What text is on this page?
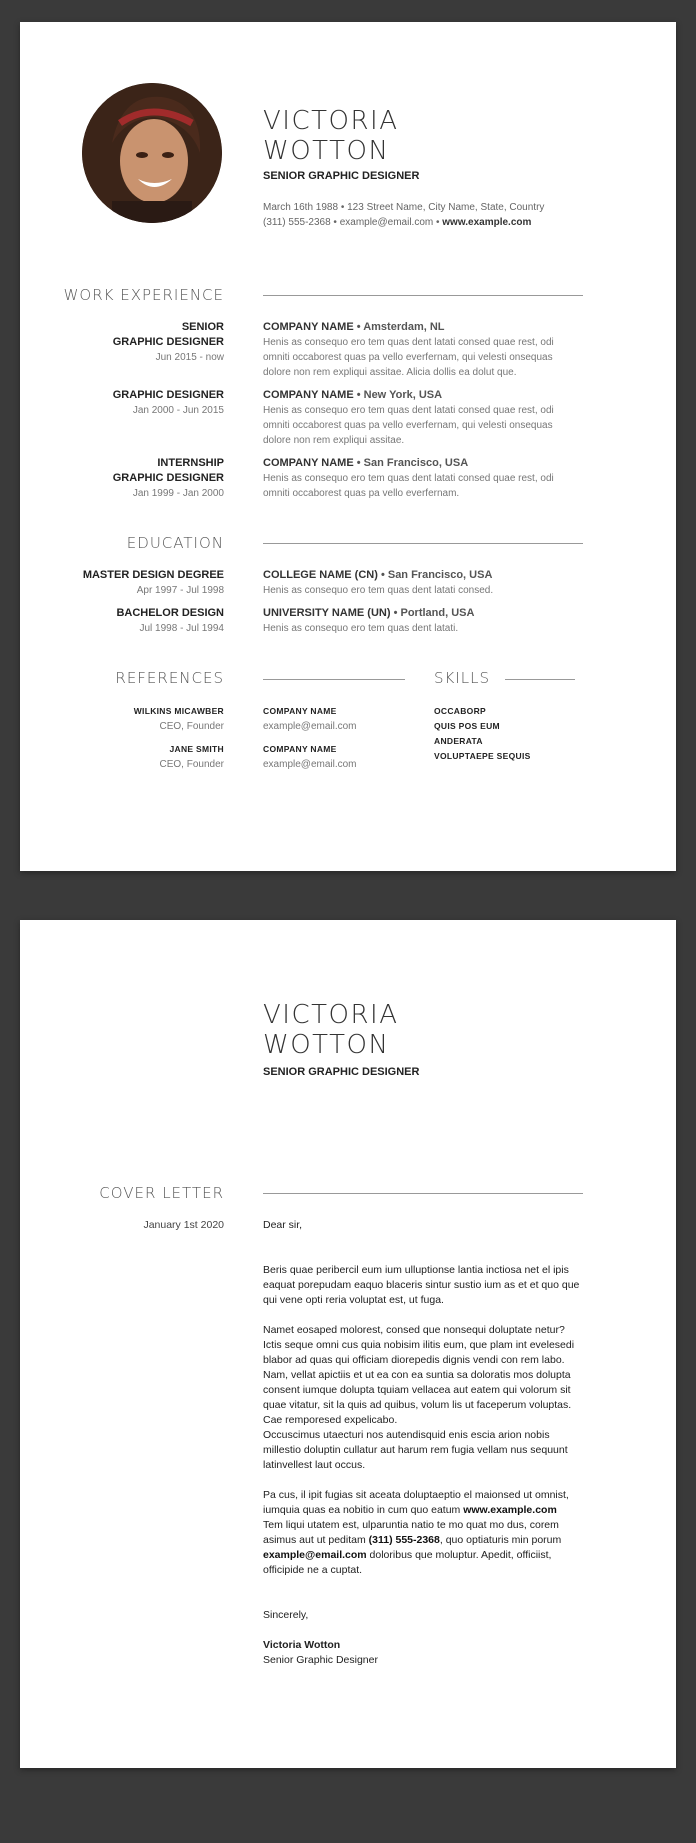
VICTORIA
WOTTON
SENIOR GRAPHIC DESIGNER
March 16th 1988 • 123 Street Name, City Name, State, Country
(311) 555-2368 • example@email.com • www.example.com
WORK EXPERIENCE
SENIOR
GRAPHIC DESIGNER
Jun 2015 - now
COMPANY NAME • Amsterdam, NL
Henis as consequo ero tem quas dent latati consed quae rest, odi omniti occaborest quas pa vello everfernam, qui velesti onsequas dolore non rem expliqui assitae. Alicia dollis ea dolut que.
GRAPHIC DESIGNER
Jan 2000 - Jun 2015
COMPANY NAME • New York, USA
Henis as consequo ero tem quas dent latati consed quae rest, odi omniti occaborest quas pa vello everfernam, qui velesti onsequas dolore non rem expliqui assitae.
INTERNSHIP
GRAPHIC DESIGNER
Jan 1999 - Jan 2000
COMPANY NAME • San Francisco, USA
Henis as consequo ero tem quas dent latati consed quae rest, odi omniti occaborest quas pa vello everfernam.
EDUCATION
MASTER DESIGN DEGREE
Apr 1997 - Jul 1998
COLLEGE NAME (CN) • San Francisco, USA
Henis as consequo ero tem quas dent latati consed.
BACHELOR DESIGN
Jul 1998 - Jul 1994
UNIVERSITY NAME (UN) • Portland, USA
Henis as consequo ero tem quas dent latati.
REFERENCES	SKILLS
WILKINS MICAWBER
CEO, Founder
COMPANY NAME
example@email.com
JANE SMITH
CEO, Founder
COMPANY NAME
example@email.com
OCCABORP
QUIS POS EUM
ANDERATA
VOLUPTAEPE SEQUIS
VICTORIA
WOTTON
SENIOR GRAPHIC DESIGNER
COVER LETTER
January 1st 2020	Dear sir,
Beris quae peribercil eum ium ulluptionse lantia inctiosa net el ipis eaquat porepudam eaquo blaceris sintur sustio ium as et et quo que qui vene opti reria voluptat est, ut fuga.
Namet eosaped molorest, consed que nonsequi doluptate netur? Ictis seque omni cus quia nobisim ilitis eum, que plam int evelesedi blabor ad quas qui officiam diorepedis dignis vendi con rem labo. Nam, vellat apictiis et ut ea con ea suntia sa doloratis mos dolupta consent iumque dolupta tquiam vellacea aut eatem qui volorum sit quae vitatur, sit la quis ad quibus, volum lis ut faceperum voluptas. Cae remporesed expelicabo.
Occuscimus utaecturi nos autendisquid enis escia arion nobis millestio doluptin cullatur aut harum rem fugia vellam nus sequunt latinvellest laut occus.
Pa cus, il ipit fugias sit aceata doluptaeptio el maionsed ut omnist, iumquia quas ea nobitio in cum quo eatum www.example.com
Tem liqui utatem est, ulparuntia natio te mo quat mo dus, corem asimus aut ut peditam (311) 555-2368, quo optiaturis min porum example@email.com doloribus que moluptur. Apedit, officiist, officipide ne a cuptat.
Sincerely,
Victoria Wotton
Senior Graphic Designer
